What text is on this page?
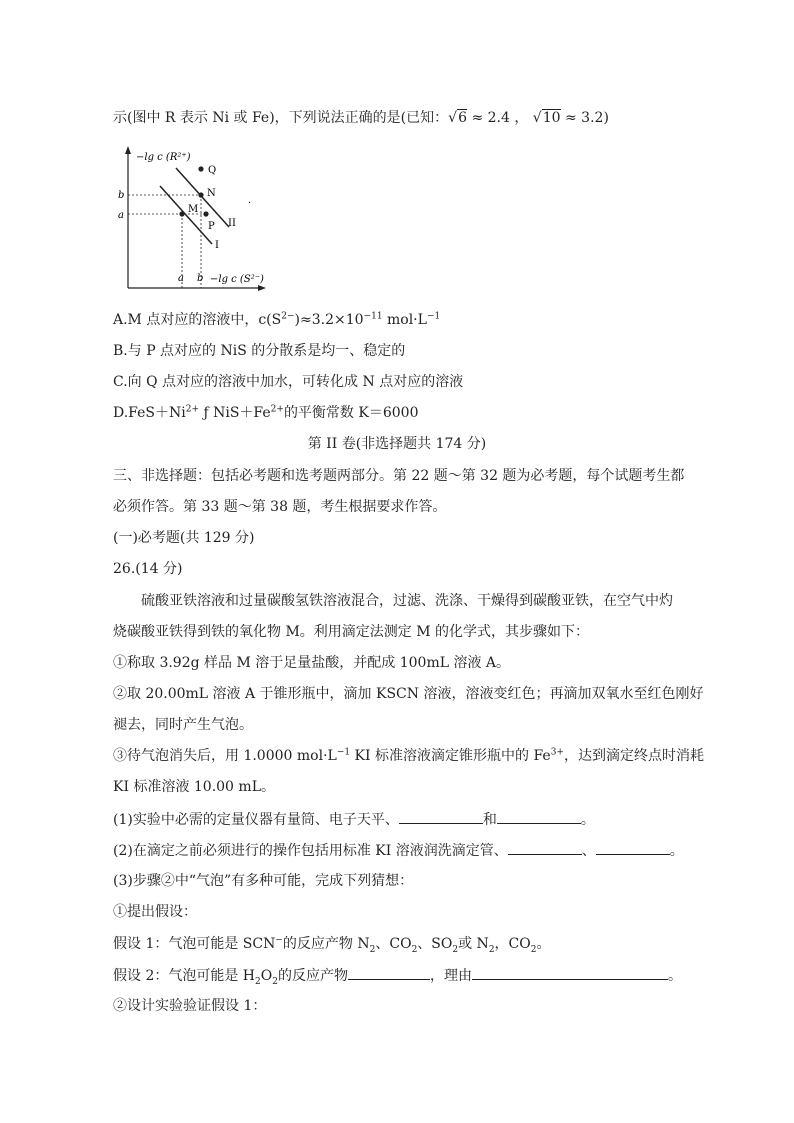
示(图中 R 表示 Ni 或 Fe)，下列说法正确的是(已知：√6 ≈ 2.4 ， √10 ≈ 3.2)
−lg c (R²⁺)
−lg c (S²⁻)
b
a
a b
I
II
M
N
P
Q
·
A.M 点对应的溶液中，$c(S^{2-})\approx 3.2\times 10^{-11}$ $mol\cdot L^{-1}$
B.与 P 点对应的 NiS 的分散系是均一、稳定的
C.向 Q 点对应的溶液中加水，可转化成 N 点对应的溶液
$D.FeS+Ni^{2+}$ ƒ $NiS+Fe^{2+}$的平衡常数 K＝6000
第 II 卷(非选择题共 174 分)
三、非选择题：包括必考题和选考题两部分。第 22 题～第 32 题为必考题，每个试题考生都
必须作答。第 33 题～第 38 题，考生根据要求作答。
(一)必考题(共 129 分)
26.(14 分)
硫酸亚铁溶液和过量碳酸氢铁溶液混合，过滤、洗涤、干燥得到碳酸亚铁，在空气中灼
烧碳酸亚铁得到铁的氧化物 M。利用滴定法测定 M 的化学式，其步骤如下：
①称取 3.92g 样品 M 溶于足量盐酸，并配成 100mL 溶液 A。
②取 20.00mL 溶液 A 于锥形瓶中，滴加 KSCN 溶液，溶液变红色；再滴加双氧水至红色刚好
褪去，同时产生气泡。
③待气泡消失后，用 1.0000 $mol\cdot L^{-1}$ KI 标准溶液滴定锥形瓶中的 $Fe^{3+}$，达到滴定终点时消耗
KI 标准溶液 10.00 mL。
(1)实验中必需的定量仪器有量筒、电子天平、	和	。
(2)在滴定之前必须进行的操作包括用标准 KI 溶液润洗滴定管、	、	。
(3)步骤②中“气泡”有多种可能，完成下列猜想：
①提出假设：
假设 1：气泡可能是 SCN−的反应产物 $N_2$、$CO_2$、$SO_2$或 $N_2$，$CO_2$。
假设 2：气泡可能是 $H_2O_2$的反应产物	，理由	。
②设计实验验证假设 1：
